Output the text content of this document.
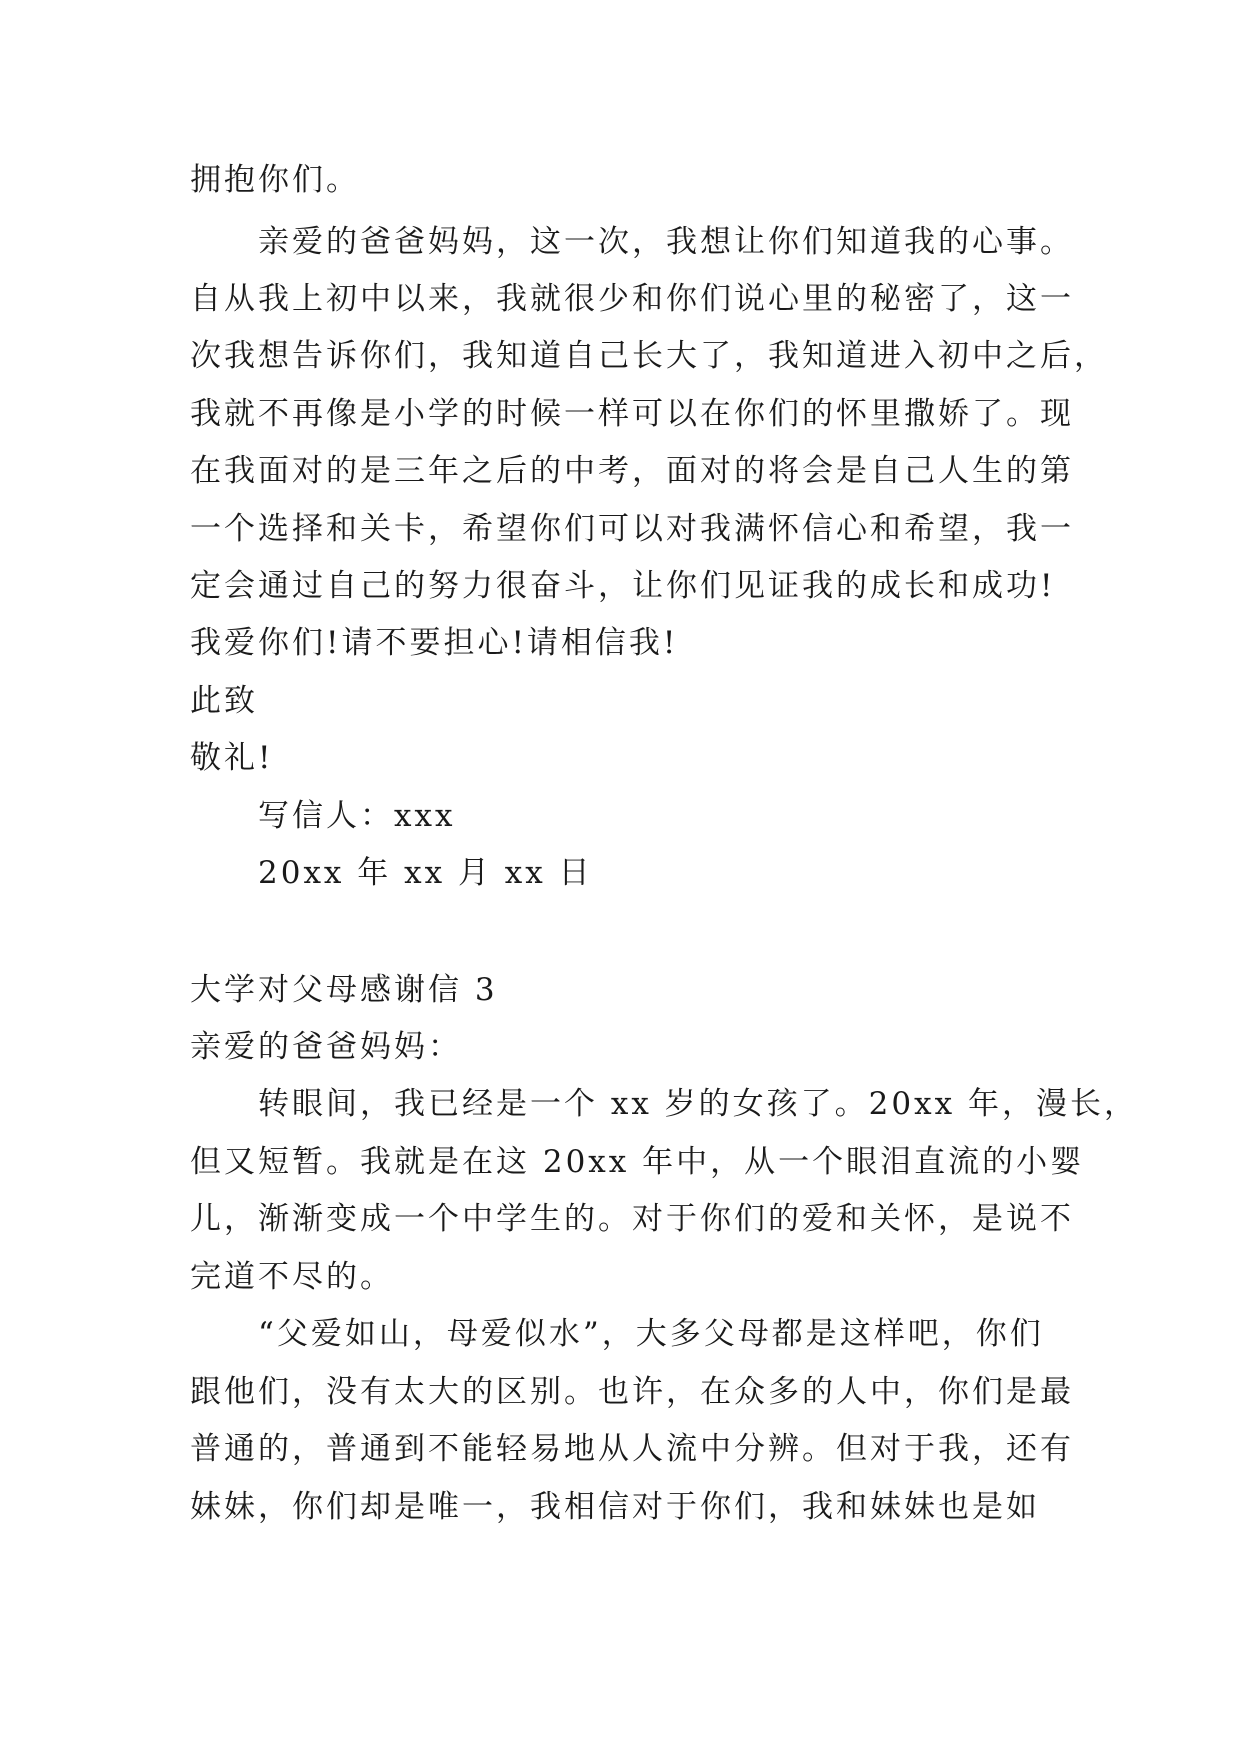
拥抱你们。
亲爱的爸爸妈妈，这一次，我想让你们知道我的心事。
自从我上初中以来，我就很少和你们说心里的秘密了，这一
次我想告诉你们，我知道自己长大了，我知道进入初中之后，
我就不再像是小学的时候一样可以在你们的怀里撒娇了。现
在我面对的是三年之后的中考，面对的将会是自己人生的第
一个选择和关卡，希望你们可以对我满怀信心和希望，我一
定会通过自己的努力很奋斗，让你们见证我的成长和成功!
我爱你们!请不要担心!请相信我!
此致
敬礼!
写信人：xxx
20xx 年 xx 月 xx 日
大学对父母感谢信 3
亲爱的爸爸妈妈：
转眼间，我已经是一个 xx 岁的女孩了。20xx 年，漫长，
但又短暂。我就是在这 20xx 年中，从一个眼泪直流的小婴
儿，渐渐变成一个中学生的。对于你们的爱和关怀，是说不
完道不尽的。
“父爱如山，母爱似水”，大多父母都是这样吧，你们
跟他们，没有太大的区别。也许，在众多的人中，你们是最
普通的，普通到不能轻易地从人流中分辨。但对于我，还有
妹妹，你们却是唯一，我相信对于你们，我和妹妹也是如
